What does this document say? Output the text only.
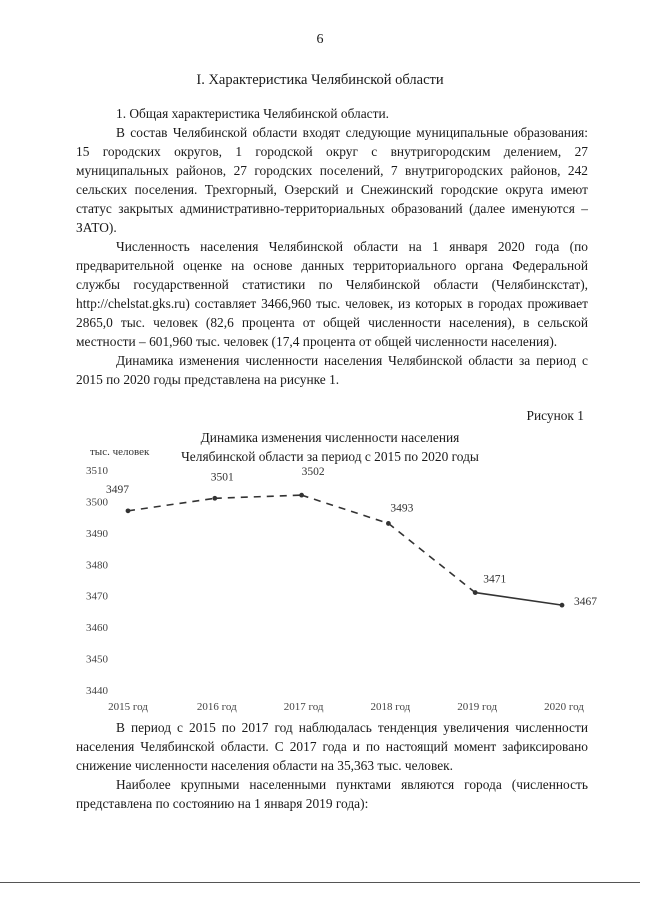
6
I. Характеристика Челябинской области

1. Общая характеристика Челябинской области.

В состав Челябинской области входят следующие муниципальные образования: 15 городских округов, 1 городской округ с внутригородским делением, 27 муниципальных районов, 27 городских поселений, 7 внутригородских районов, 242 сельских поселения. Трехгорный, Озерский и Снежинский городские округа имеют статус закрытых административно-территориальных образований (далее именуются – ЗАТО).

Численность населения Челябинской области на 1 января 2020 года (по предварительной оценке на основе данных территориального органа Федеральной службы государственной статистики по Челябинской области (Челябинскстат), http://chelstat.gks.ru) составляет 3466,960 тыс. человек, из которых в городах проживает 2865,0 тыс. человек (82,6 процента от общей численности населения), в сельской местности – 601,960 тыс. человек (17,4 процента от общей численности населения).

Динамика изменения численности населения Челябинской области за период с 2015 по 2020 годы представлена на рисунке 1.

Рисунок 1
Динамика изменения численности населения
Челябинской области за период с 2015 по 2020 годы
тыс. человек
3510
3500
3490
3480
3470
3460
3450
3440
2015 год	2016 год	2017 год	2018 год	2019 год	2020 год
3497
3501	3502
3493
3471
3467

В период с 2015 по 2017 год наблюдалась тенденция увеличения численности населения Челябинской области. С 2017 года и по настоящий момент зафиксировано снижение численности населения области на 35,363 тыс. человек.

Наиболее крупными населенными пунктами являются города (численность представлена по состоянию на 1 января 2019 года):
